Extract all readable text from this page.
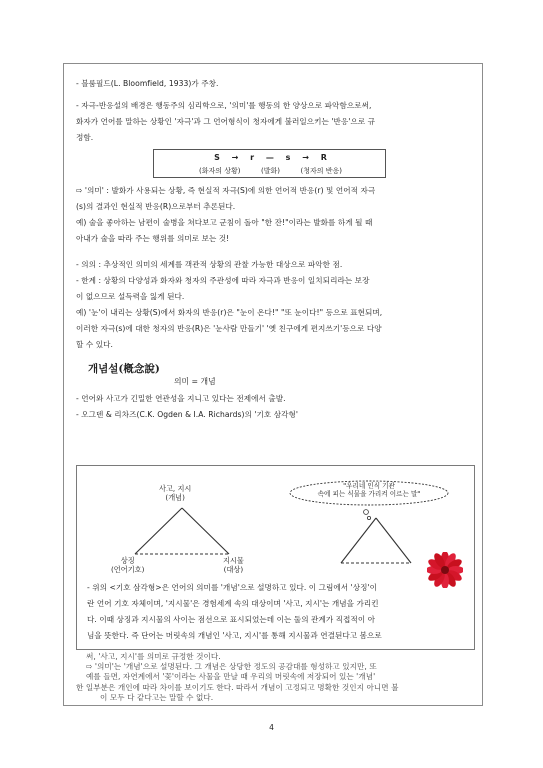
- 블룸필드(L. Bloomfield, 1933)가 주창.
- 자극-반응설의 배경은 행동주의 심리학으로, '의미'를 행동의 한 양상으로 파악함으로써,
화자가 언어를 말하는 상황인 '자극'과 그 언어형식이 청자에게 불러일으키는 '반응'으로 규
정함.
S → r — s → R
(화자의 상황)	(발화)	(청자의 반응)
⇨ '의미' : 발화가 사용되는 상황, 즉 현실적 자극(S)에 의한 언어적 반응(r) 및 언어적 자극
(s)의 결과인 현실적 반응(R)으로부터 추론된다.
예) 술을 좋아하는 남편이 술병을 쳐다보고 군침이 돌아 "한 잔!"이라는 발화를 하게 될 때
아내가 술을 따라 주는 행위를 의미로 보는 것!
- 의의 : 추상적인 의미의 세계를 객관적 상황의 관찰 가능한 대상으로 파악한 점.
- 한계 : 상황의 다양성과 화자와 청자의 주관성에 따라 자극과 반응이 일치되리라는 보장
이 없으므로 설득력을 잃게 된다.
예) '눈'이 내리는 상황(S)에서 화자의 반응(r)은 "눈이 온다!" "또 눈이다!" 등으로 표현되며,
이러한 자극(s)에 대한 청자의 반응(R)은 '눈사람 만들기' '옛 친구에게 편지쓰기'등으로 다양
할 수 있다.
개념설(槪念說)
의미 = 개념
- 언어와 사고가 긴밀한 연관성을 지니고 있다는 전제에서 출발.
- 오그덴 & 리차즈(C.K. Ogden & I.A. Richards)의 '기호 삼각형'
사고, 지시
(개념)
상징
(언어기호)
지시물
(대상)
"우리네 인식 기관
속에 피는 식물을 가리켜 이르는 말"
- 위의 <기호 삼각형>은 언어의 의미를 '개념'으로 설명하고 있다. 이 그림에서 '상징'이
란 언어 기호 자체이며, '지시물'은 경험세계 속의 대상이며 '사고, 지시'는 개념을 가리킨
다. 이때 상징과 지시물의 사이는 점선으로 표시되었는데 이는 둘의 관계가 직접적이 아
님을 뜻한다. 즉 단어는 머릿속의 개념인 '사고, 지시'를 통해 지시물과 연결된다고 봄으로
써, '사고, 지시'를 의미로 규정한 것이다.
⇨ '의미'는 '개념'으로 설명된다. 그 개념은 상당한 정도의 공감대를 형성하고 있지만, 또
예를 들면, 자연계에서 '꽃'이라는 사물을 만날 때 우리의 머릿속에 저장되어 있는 '개념'
한 일부분은 개인에 따라 차이를 보이기도 한다. 따라서 개념이 고정되고 명확한 것인지 아니면 불
이 모두 다 같다고는 말할 수 없다.
4
